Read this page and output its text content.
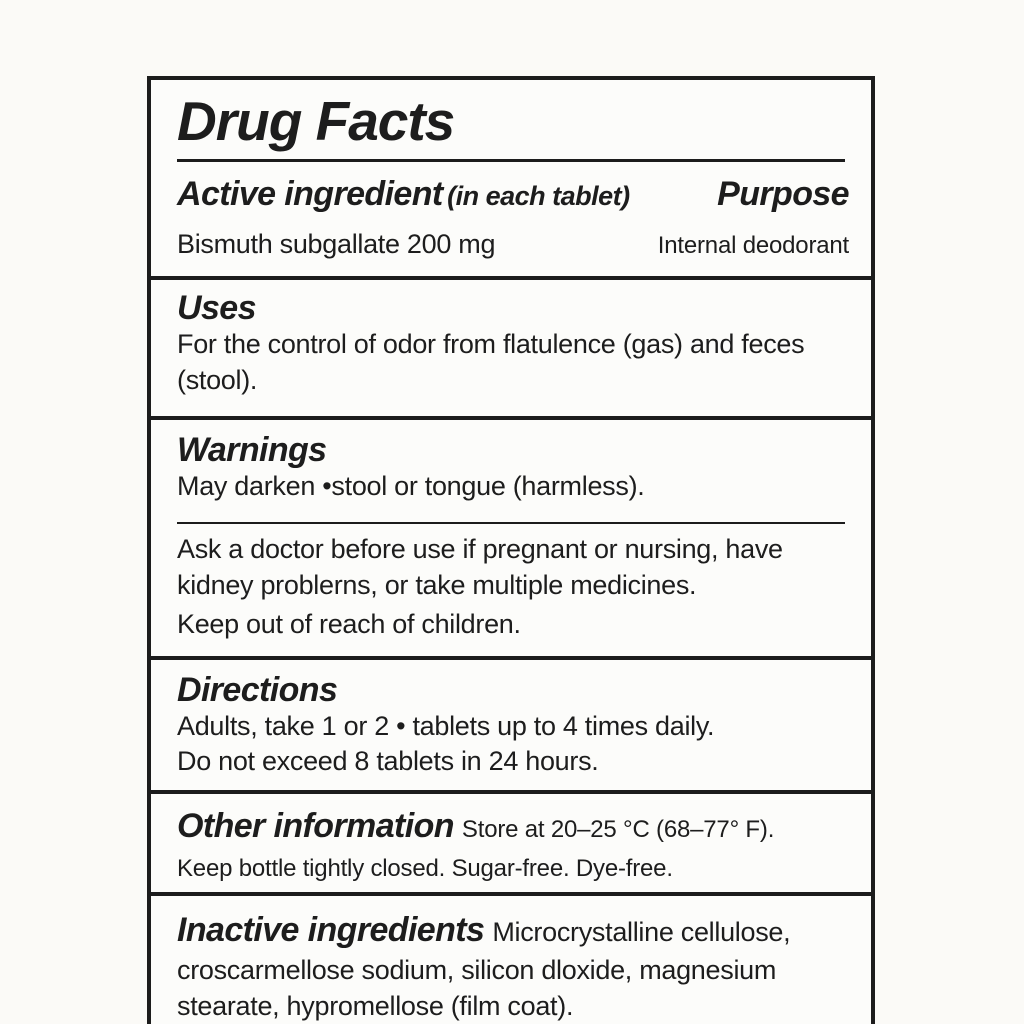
Drug Facts
Active ingredient (in each tablet)	Purpose
Bismuth subgallate 200 mg	Internal deodorant

Uses

For the control of odor from flatulence (gas) and feces (stool).

Warnings

May darken •stool or tongue (harmless).

Ask a doctor before use if pregnant or nursing, have kidney problerns, or take multiple medicines.

Keep out of reach of children.

Directions

Adults, take 1 or 2 • tablets up to 4 times daily.

Do not exceed 8 tablets in 24 hours.

Other information Store at 20–25 °C (68–77° F).

Keep bottle tightly closed. Sugar-free. Dye-free.

Inactive ingredients Microcrystalline cellulose, croscarmellose sodium, silicon dloxide, magnesium stearate, hypromellose (film coat).
